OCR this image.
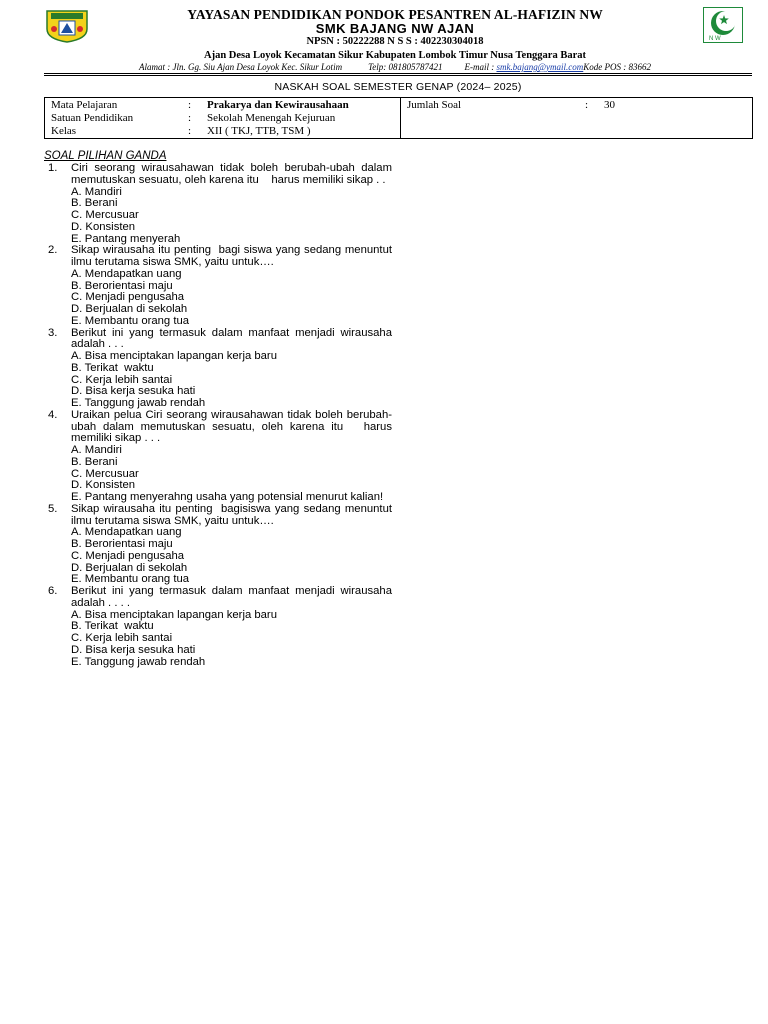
N W
YAYASAN PENDIDIKAN PONDOK PESANTREN AL-HAFIZIN NW
SMK BAJANG NW AJAN
NPSN : 50222288 N S S : 402230304018
Ajan Desa Loyok Kecamatan Sikur Kabupaten Lombok Timur Nusa Tenggara Barat
Alamat : Jln. Gg. Siu Ajan Desa Loyok Kec. Sikur Lotim	Telp: 081805787421 E-mail : smk.bajang@ymail.comKode POS : 83662
NASKAH SOAL SEMESTER GENAP (2024– 2025)
Mata Pelajaran	: Prakarya dan Kewirausahaan
Satuan Pendidikan	: Sekolah Menengah Kejuruan
Kelas	: XII ( TKJ, TTB, TSM )
Jumlah Soal	: 30
SOAL PILIHAN GANDA
1. Ciri seorang wirausahawan tidak boleh berubah-ubah dalam memutuskan sesuatu, oleh karena itu    harus memiliki sikap . .
A. Mandiri
B. Berani
C. Mercusuar
D. Konsisten
E. Pantang menyerah
2. Sikap wirausaha itu penting  bagi siswa yang sedang menuntut ilmu terutama siswa SMK, yaitu untuk….
A. Mendapatkan uang
B. Berorientasi maju
C. Menjadi pengusaha
D. Berjualan di sekolah
E. Membantu orang tua
3. Berikut ini yang termasuk dalam manfaat menjadi wirausaha adalah . . .
A. Bisa menciptakan lapangan kerja baru
B. Terikat  waktu
C. Kerja lebih santai
D. Bisa kerja sesuka hati
E. Tanggung jawab rendah
4. Uraikan pelua Ciri seorang wirausahawan tidak boleh berubah-ubah dalam memutuskan sesuatu, oleh karena itu   harus memiliki sikap . . .
A. Mandiri
B. Berani
C. Mercusuar
D. Konsisten
E. Pantang menyerahng usaha yang potensial menurut kalian!
5. Sikap wirausaha itu penting  bagisiswa yang sedang menuntut ilmu terutama siswa SMK, yaitu untuk….
A. Mendapatkan uang
B. Berorientasi maju
C. Menjadi pengusaha
D. Berjualan di sekolah
E. Membantu orang tua
6. Berikut ini yang termasuk dalam manfaat menjadi wirausaha adalah . . . .
A. Bisa menciptakan lapangan kerja baru
B. Terikat  waktu
C. Kerja lebih santai
D. Bisa kerja sesuka hati
E. Tanggung jawab rendah
